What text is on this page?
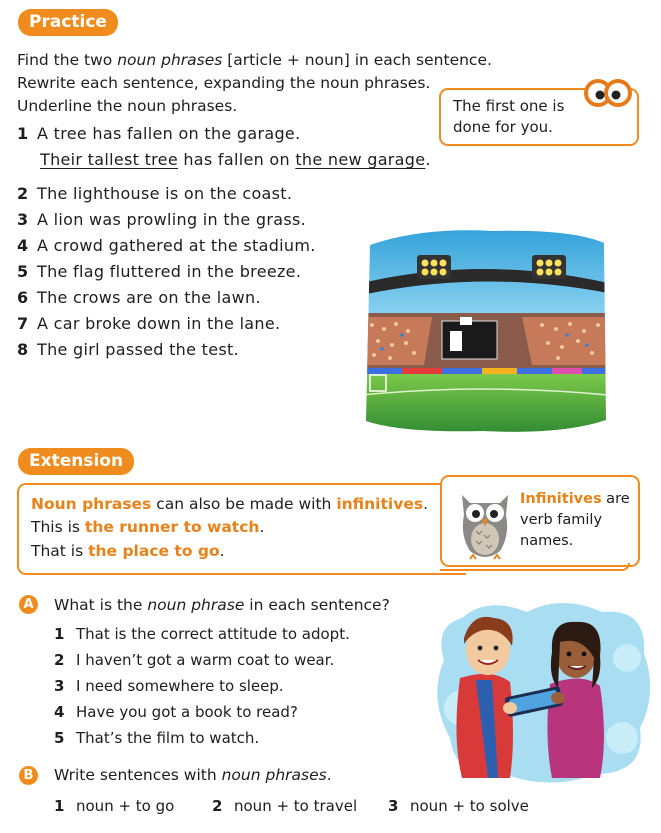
Practice
Find the two noun phrases [article + noun] in each sentence.
Rewrite each sentence, expanding the noun phrases.
Underline the noun phrases.	The first one is done for you.
1 A tree has fallen on the garage.
Their tallest tree has fallen on the new garage.
2 The lighthouse is on the coast.
3 A lion was prowling in the grass.
4 A crowd gathered at the stadium.
5 The flag fluttered in the breeze.
6 The crows are on the lawn.
7 A car broke down in the lane.
8 The girl passed the test.
Extension
Infinitives are verb family names.
Noun phrases can also be made with infinitives.
This is the runner to watch.
That is the place to go.
A What is the noun phrase in each sentence?
1 That is the correct attitude to adopt.
2 I haven’t got a warm coat to wear.
3 I need somewhere to sleep.
4 Have you got a book to read?
5 That’s the film to watch.
B Write sentences with noun phrases.
1 noun + to go	2 noun + to travel 3 noun + to solve
